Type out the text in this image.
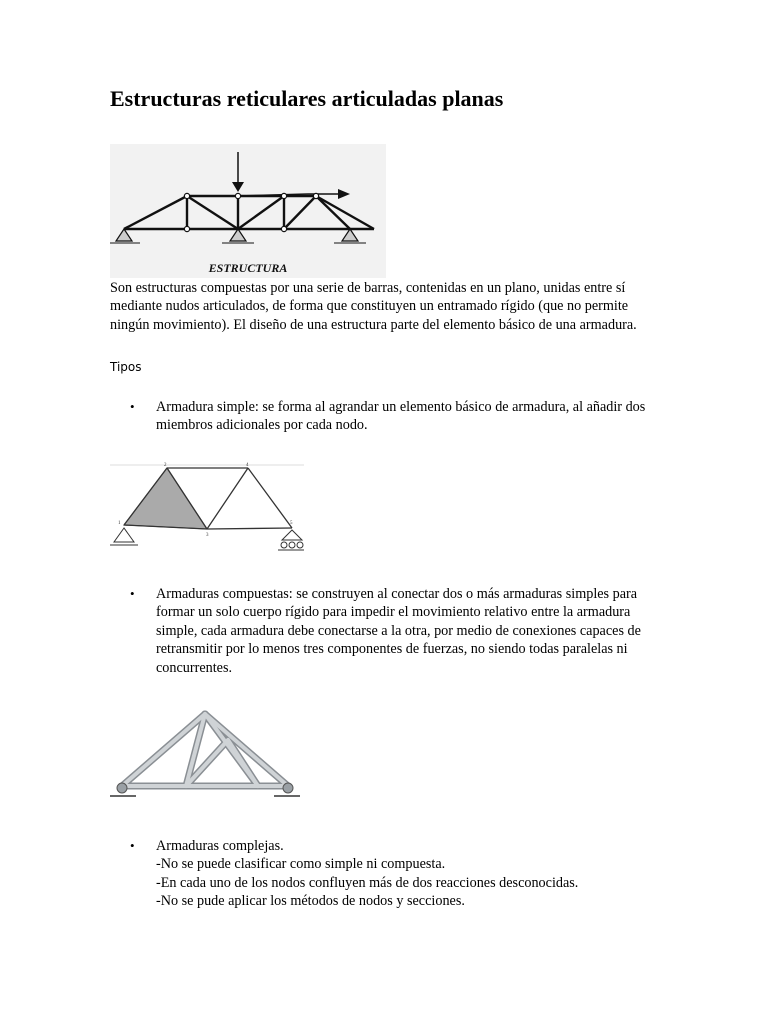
Estructuras reticulares articuladas planas
ESTRUCTURA

Son estructuras compuestas por una serie de barras, contenidas en un plano, unidas entre sí mediante nudos articulados, de forma que constituyen un entramado rígido (que no permite ningún movimiento). El diseño de una estructura parte del elemento básico de una armadura.

Tipos

• Armadura simple: se forma al agrandar un elemento básico de armadura, al añadir dos miembros adicionales por cada nodo.

1
2
3
4
5
• Armaduras compuestas: se construyen al conectar dos o más armaduras simples para formar un solo cuerpo rígido para impedir el movimiento relativo entre la armadura simple, cada armadura debe conectarse a la otra, por medio de conexiones capaces de retransmitir por lo menos tres componentes de fuerzas, no siendo todas paralelas ni concurrentes.

• Armaduras complejas.
-No se puede clasificar como simple ni compuesta.
-En cada uno de los nodos confluyen más de dos reacciones desconocidas.
-No se pude aplicar los métodos de nodos y secciones.
